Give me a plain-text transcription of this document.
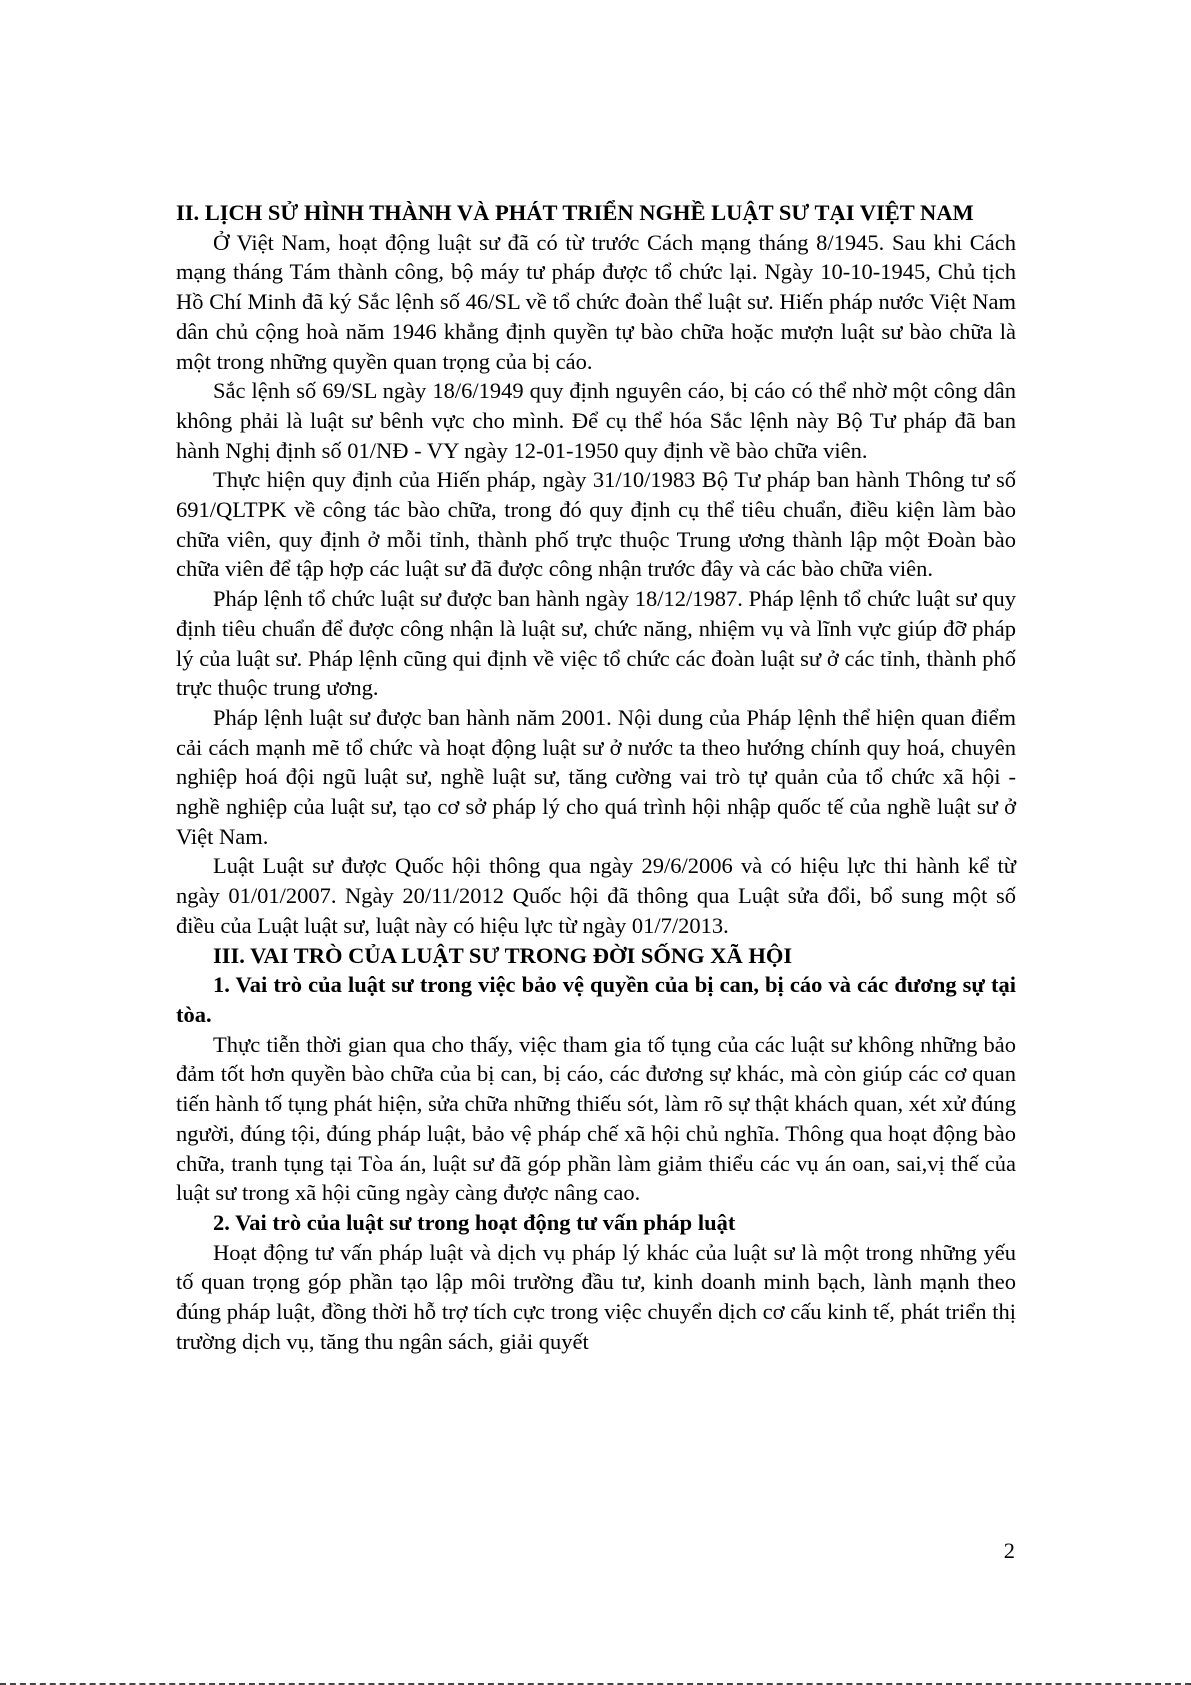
II. LỊCH SỬ HÌNH THÀNH VÀ PHÁT TRIỂN NGHỀ LUẬT SƯ TẠI VIỆT NAM

Ở Việt Nam, hoạt động luật sư đã có từ trước Cách mạng tháng 8/1945. Sau khi Cách mạng tháng Tám thành công, bộ máy tư pháp được tổ chức lại. Ngày 10-10-1945, Chủ tịch Hồ Chí Minh đã ký Sắc lệnh số 46/SL về tổ chức đoàn thể luật sư. Hiến pháp nước Việt Nam dân chủ cộng hoà năm 1946 khẳng định quyền tự bào chữa hoặc mượn luật sư bào chữa là một trong những quyền quan trọng của bị cáo.

Sắc lệnh số 69/SL ngày 18/6/1949 quy định nguyên cáo, bị cáo có thể nhờ một công dân không phải là luật sư bênh vực cho mình. Để cụ thể hóa Sắc lệnh này Bộ Tư pháp đã ban hành Nghị định số 01/NĐ - VY ngày 12-01-1950 quy định về bào chữa viên.

Thực hiện quy định của Hiến pháp, ngày 31/10/1983 Bộ Tư pháp ban hành Thông tư số 691/QLTPK về công tác bào chữa, trong đó quy định cụ thể tiêu chuẩn, điều kiện làm bào chữa viên, quy định ở mỗi tỉnh, thành phố trực thuộc Trung ương thành lập một Đoàn bào chữa viên để tập hợp các luật sư đã được công nhận trước đây và các bào chữa viên.

Pháp lệnh tổ chức luật sư được ban hành ngày 18/12/1987. Pháp lệnh tổ chức luật sư quy định tiêu chuẩn để được công nhận là luật sư, chức năng, nhiệm vụ và lĩnh vực giúp đỡ pháp lý của luật sư. Pháp lệnh cũng qui định về việc tổ chức các đoàn luật sư ở các tỉnh, thành phố trực thuộc trung ương.

Pháp lệnh luật sư được ban hành năm 2001. Nội dung của Pháp lệnh thể hiện quan điểm cải cách mạnh mẽ tổ chức và hoạt động luật sư ở nước ta theo hướng chính quy hoá, chuyên nghiệp hoá đội ngũ luật sư, nghề luật sư, tăng cường vai trò tự quản của tổ chức xã hội - nghề nghiệp của luật sư, tạo cơ sở pháp lý cho quá trình hội nhập quốc tế của nghề luật sư ở Việt Nam.

Luật Luật sư được Quốc hội thông qua ngày 29/6/2006 và có hiệu lực thi hành kể từ ngày 01/01/2007. Ngày 20/11/2012 Quốc hội đã thông qua Luật sửa đổi, bổ sung một số điều của Luật luật sư, luật này có hiệu lực từ ngày 01/7/2013.

III. VAI TRÒ CỦA LUẬT SƯ TRONG ĐỜI SỐNG XÃ HỘI

1. Vai trò của luật sư trong việc bảo vệ quyền của bị can, bị cáo và các đương sự tại tòa.

Thực tiễn thời gian qua cho thấy, việc tham gia tố tụng của các luật sư không những bảo đảm tốt hơn quyền bào chữa của bị can, bị cáo, các đương sự khác, mà còn giúp các cơ quan tiến hành tố tụng phát hiện, sửa chữa những thiếu sót, làm rõ sự thật khách quan, xét xử đúng người, đúng tội, đúng pháp luật, bảo vệ pháp chế xã hội chủ nghĩa. Thông qua hoạt động bào chữa, tranh tụng tại Tòa án, luật sư đã góp phần làm giảm thiểu các vụ án oan, sai,vị thế của luật sư trong xã hội cũng ngày càng được nâng cao.

2. Vai trò của luật sư trong hoạt động tư vấn pháp luật

Hoạt động tư vấn pháp luật và dịch vụ pháp lý khác của luật sư là một trong những yếu tố quan trọng góp phần tạo lập môi trường đầu tư, kinh doanh minh bạch, lành mạnh theo đúng pháp luật, đồng thời hỗ trợ tích cực trong việc chuyển dịch cơ cấu kinh tế, phát triển thị trường dịch vụ, tăng thu ngân sách, giải quyết

2
